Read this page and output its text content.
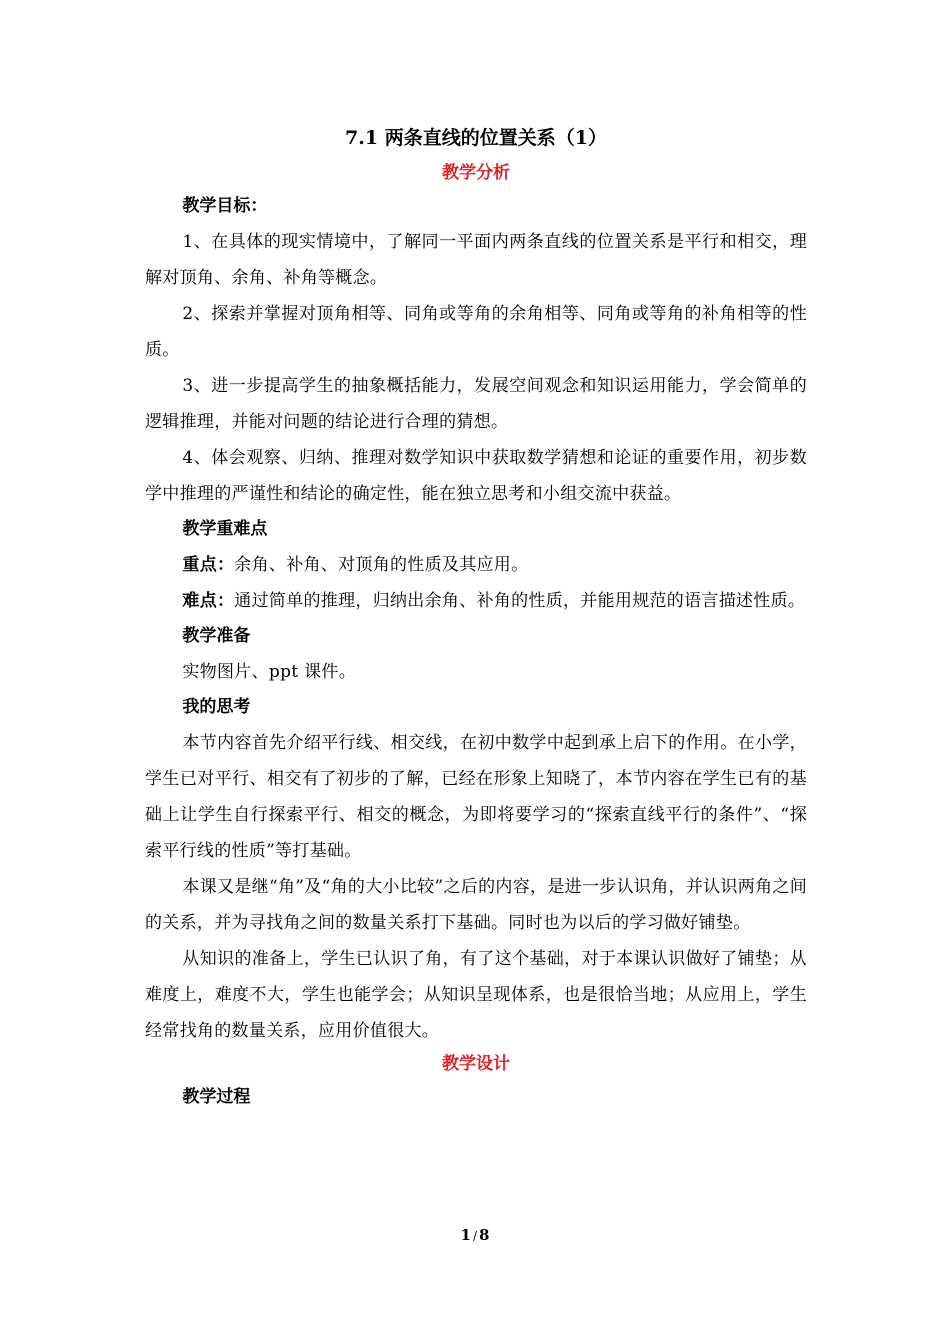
7.1 两条直线的位置关系（1）
教学分析
教学目标：

1、在具体的现实情境中，了解同一平面内两条直线的位置关系是平行和相交，理解对顶角、余角、补角等概念。

2、探索并掌握对顶角相等、同角或等角的余角相等、同角或等角的补角相等的性质。

3、进一步提高学生的抽象概括能力，发展空间观念和知识运用能力，学会简单的逻辑推理，并能对问题的结论进行合理的猜想。

4、体会观察、归纳、推理对数学知识中获取数学猜想和论证的重要作用，初步数学中推理的严谨性和结论的确定性，能在独立思考和小组交流中获益。

教学重难点

重点：余角、补角、对顶角的性质及其应用。

难点：通过简单的推理，归纳出余角、补角的性质，并能用规范的语言描述性质。

教学准备

实物图片、ppt 课件。

我的思考

本节内容首先介绍平行线、相交线，在初中数学中起到承上启下的作用。在小学，学生已对平行、相交有了初步的了解，已经在形象上知晓了，本节内容在学生已有的基础上让学生自行探索平行、相交的概念，为即将要学习的“探索直线平行的条件”、“探索平行线的性质”等打基础。

本课又是继“角”及“角的大小比较”之后的内容，是进一步认识角，并认识两角之间的关系，并为寻找角之间的数量关系打下基础。同时也为以后的学习做好铺垫。

从知识的准备上，学生已认识了角，有了这个基础，对于本课认识做好了铺垫；从难度上，难度不大，学生也能学会；从知识呈现体系，也是很恰当地；从应用上，学生经常找角的数量关系，应用价值很大。

教学设计
教学过程
1 / 8
